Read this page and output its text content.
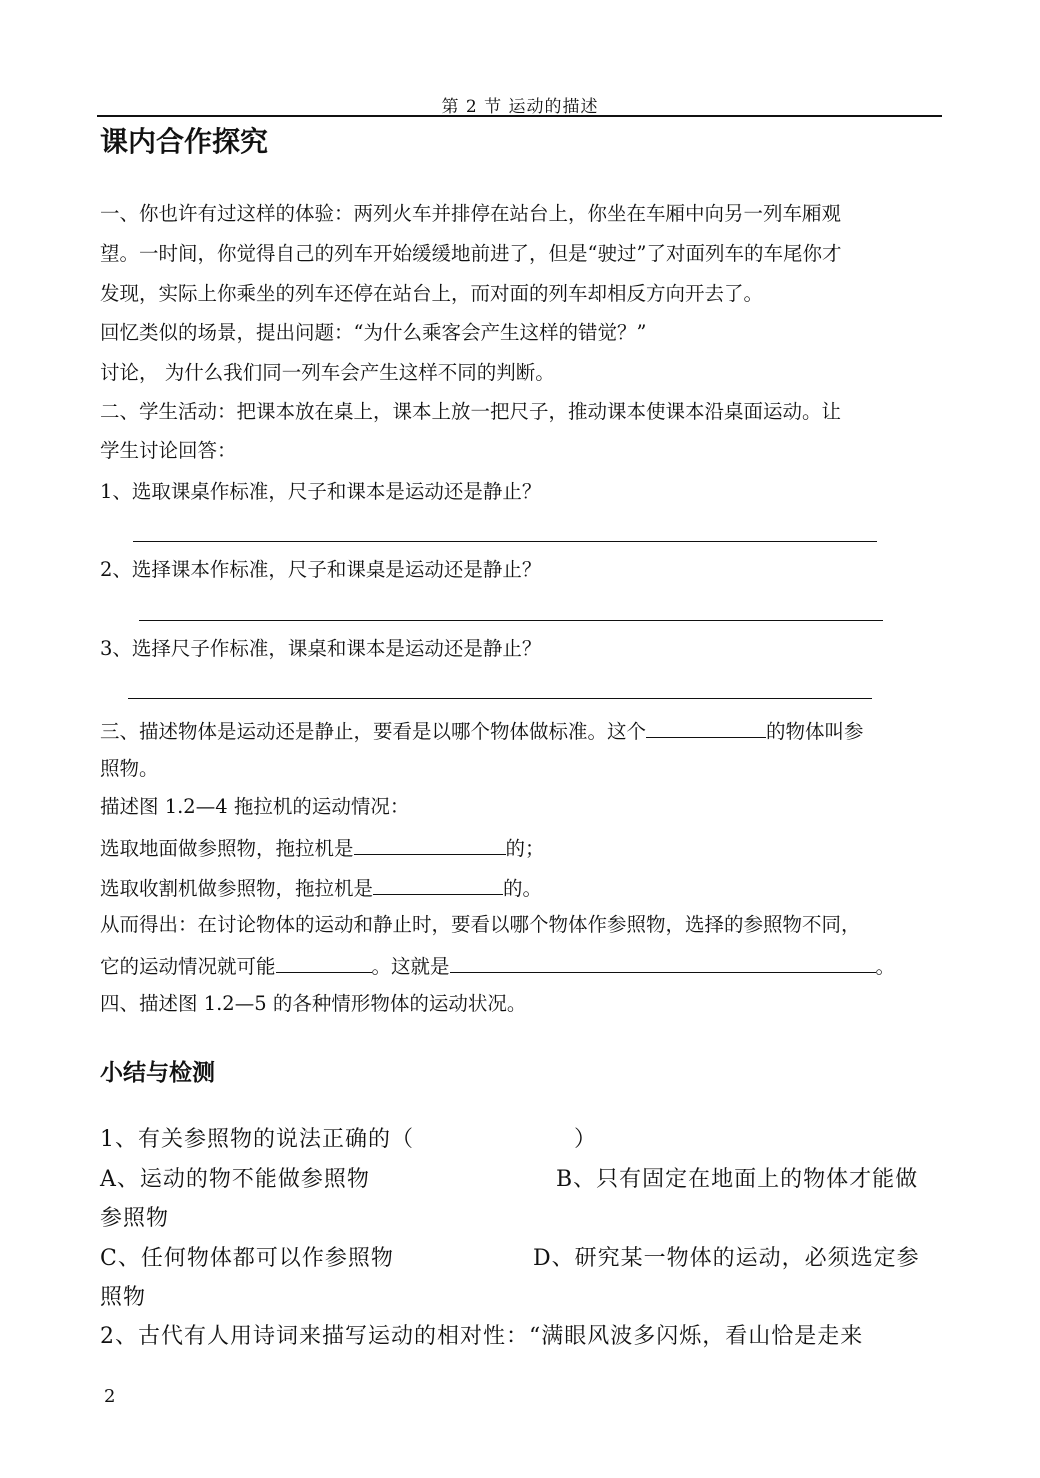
第 2 节 运动的描述
课内合作探究
一、你也许有过这样的体验：两列火车并排停在站台上，你坐在车厢中向另一列车厢观
望。一时间，你觉得自己的列车开始缓缓地前进了，但是“驶过”了对面列车的车尾你才
发现，实际上你乘坐的列车还停在站台上，而对面的列车却相反方向开去了。
回忆类似的场景，提出问题：“为什么乘客会产生这样的错觉？”
讨论， 为什么我们同一列车会产生这样不同的判断。
二、学生活动：把课本放在桌上，课本上放一把尺子，推动课本使课本沿桌面运动。让
学生讨论回答：
1、选取课桌作标准，尺子和课本是运动还是静止？
2、选择课本作标准，尺子和课桌是运动还是静止？
3、选择尺子作标准，课桌和课本是运动还是静止？
三、描述物体是运动还是静止，要看是以哪个物体做标准。这个	的物体叫参
照物。
描述图 1.2—4 拖拉机的运动情况：
选取地面做参照物，拖拉机是	的；
选取收割机做参照物，拖拉机是	的。
从而得出：在讨论物体的运动和静止时，要看以哪个物体作参照物，选择的参照物不同，
它的运动情况就可能	。这就是	。
四、描述图 1.2—5 的各种情形物体的运动状况。
小结与检测
1、有关参照物的说法正确的（	）
A、运动的物不能做参照物	B、只有固定在地面上的物体才能做
参照物
C、任何物体都可以作参照物	D、研究某一物体的运动，必须选定参
照物
2、古代有人用诗词来描写运动的相对性：“满眼风波多闪烁，看山恰是走来
2
